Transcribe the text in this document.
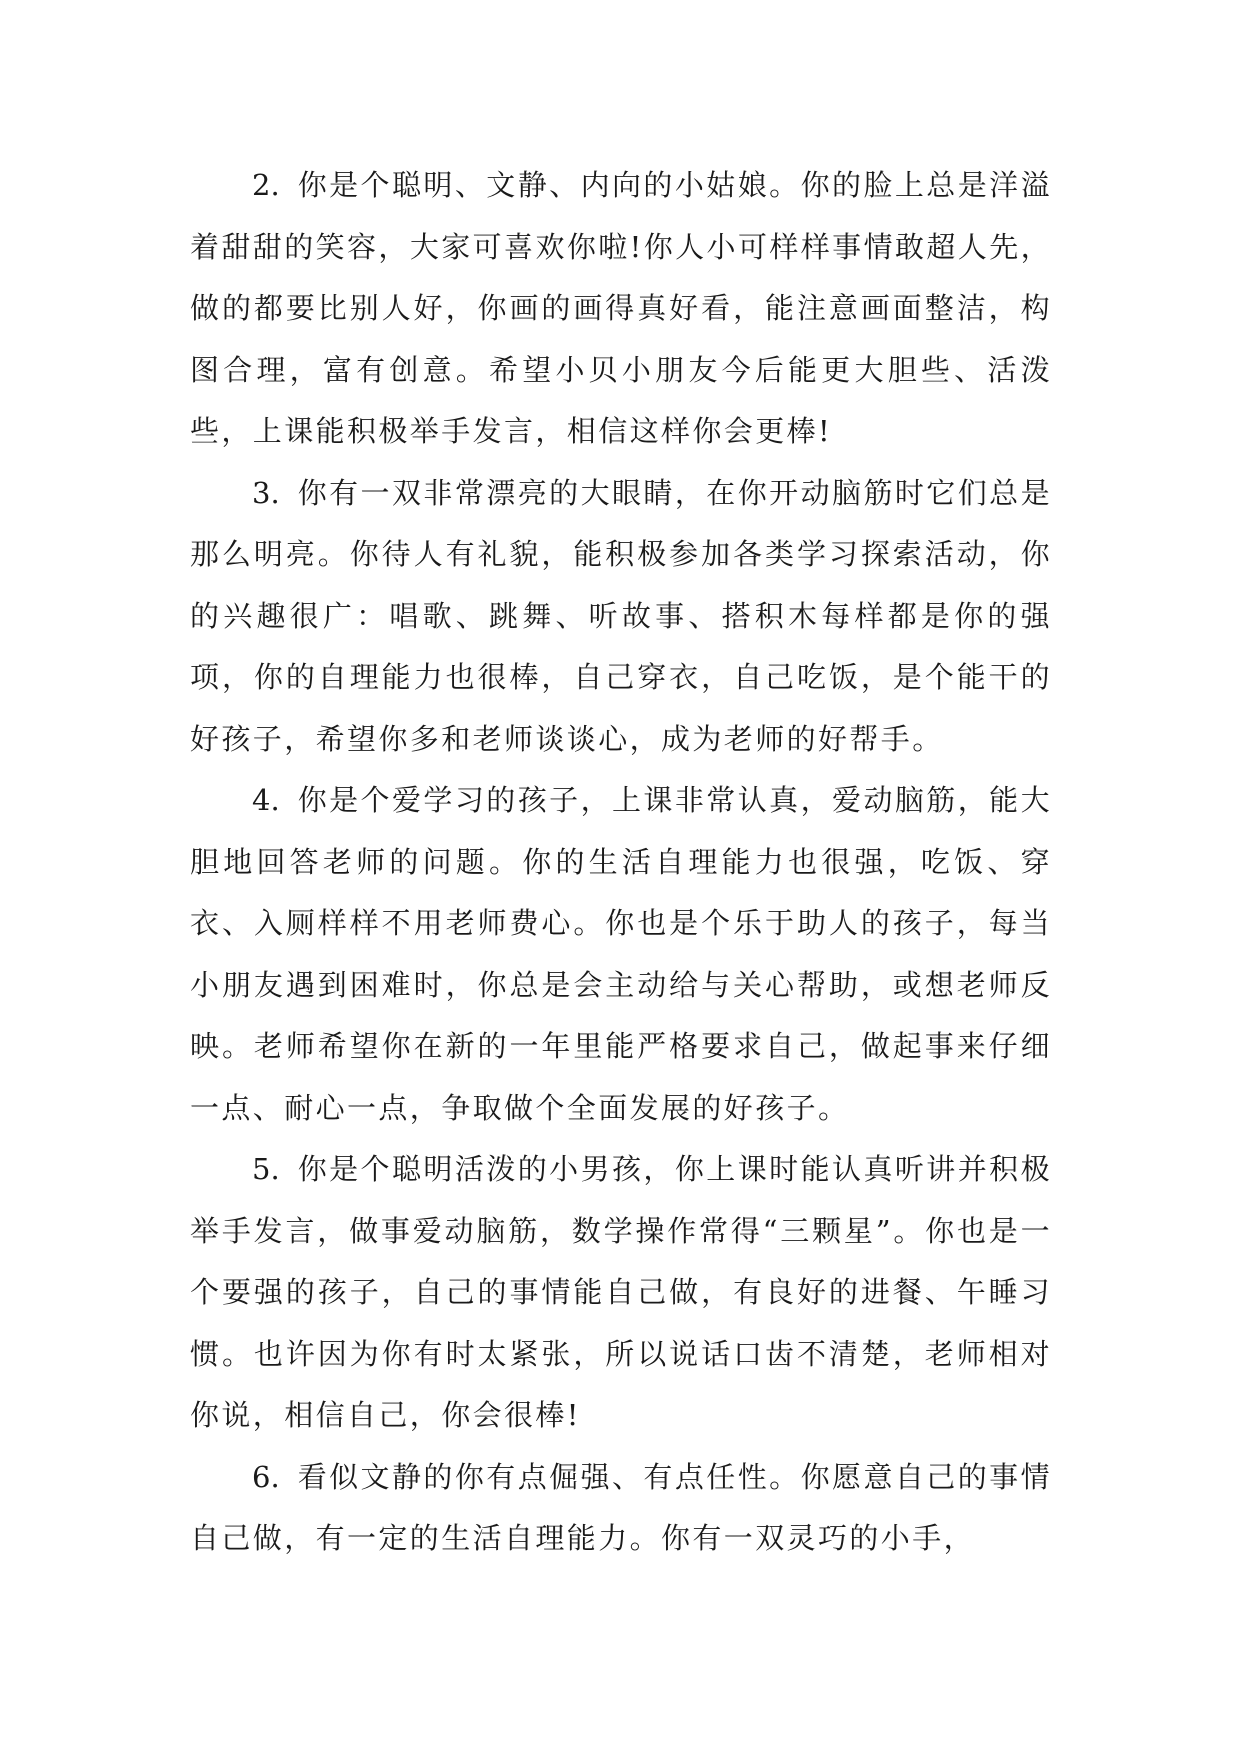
2. 你是个聪明、文静、内向的小姑娘。你的脸上总是洋溢着甜甜的笑容，大家可喜欢你啦!你人小可样样事情敢超人先，做的都要比别人好，你画的画得真好看，能注意画面整洁，构图合理，富有创意。希望小贝小朋友今后能更大胆些、活泼些，上课能积极举手发言，相信这样你会更棒!

3. 你有一双非常漂亮的大眼睛，在你开动脑筋时它们总是那么明亮。你待人有礼貌，能积极参加各类学习探索活动，你的兴趣很广：唱歌、跳舞、听故事、搭积木每样都是你的强项，你的自理能力也很棒，自己穿衣，自己吃饭，是个能干的好孩子，希望你多和老师谈谈心，成为老师的好帮手。

4. 你是个爱学习的孩子，上课非常认真，爱动脑筋，能大胆地回答老师的问题。你的生活自理能力也很强，吃饭、穿衣、入厕样样不用老师费心。你也是个乐于助人的孩子，每当小朋友遇到困难时，你总是会主动给与关心帮助，或想老师反映。老师希望你在新的一年里能严格要求自己，做起事来仔细一点、耐心一点，争取做个全面发展的好孩子。

5. 你是个聪明活泼的小男孩，你上课时能认真听讲并积极举手发言，做事爱动脑筋，数学操作常得“三颗星”。你也是一个要强的孩子，自己的事情能自己做，有良好的进餐、午睡习惯。也许因为你有时太紧张，所以说话口齿不清楚，老师相对你说，相信自己，你会很棒!

6. 看似文静的你有点倔强、有点任性。你愿意自己的事情自己做，有一定的生活自理能力。你有一双灵巧的小手，
